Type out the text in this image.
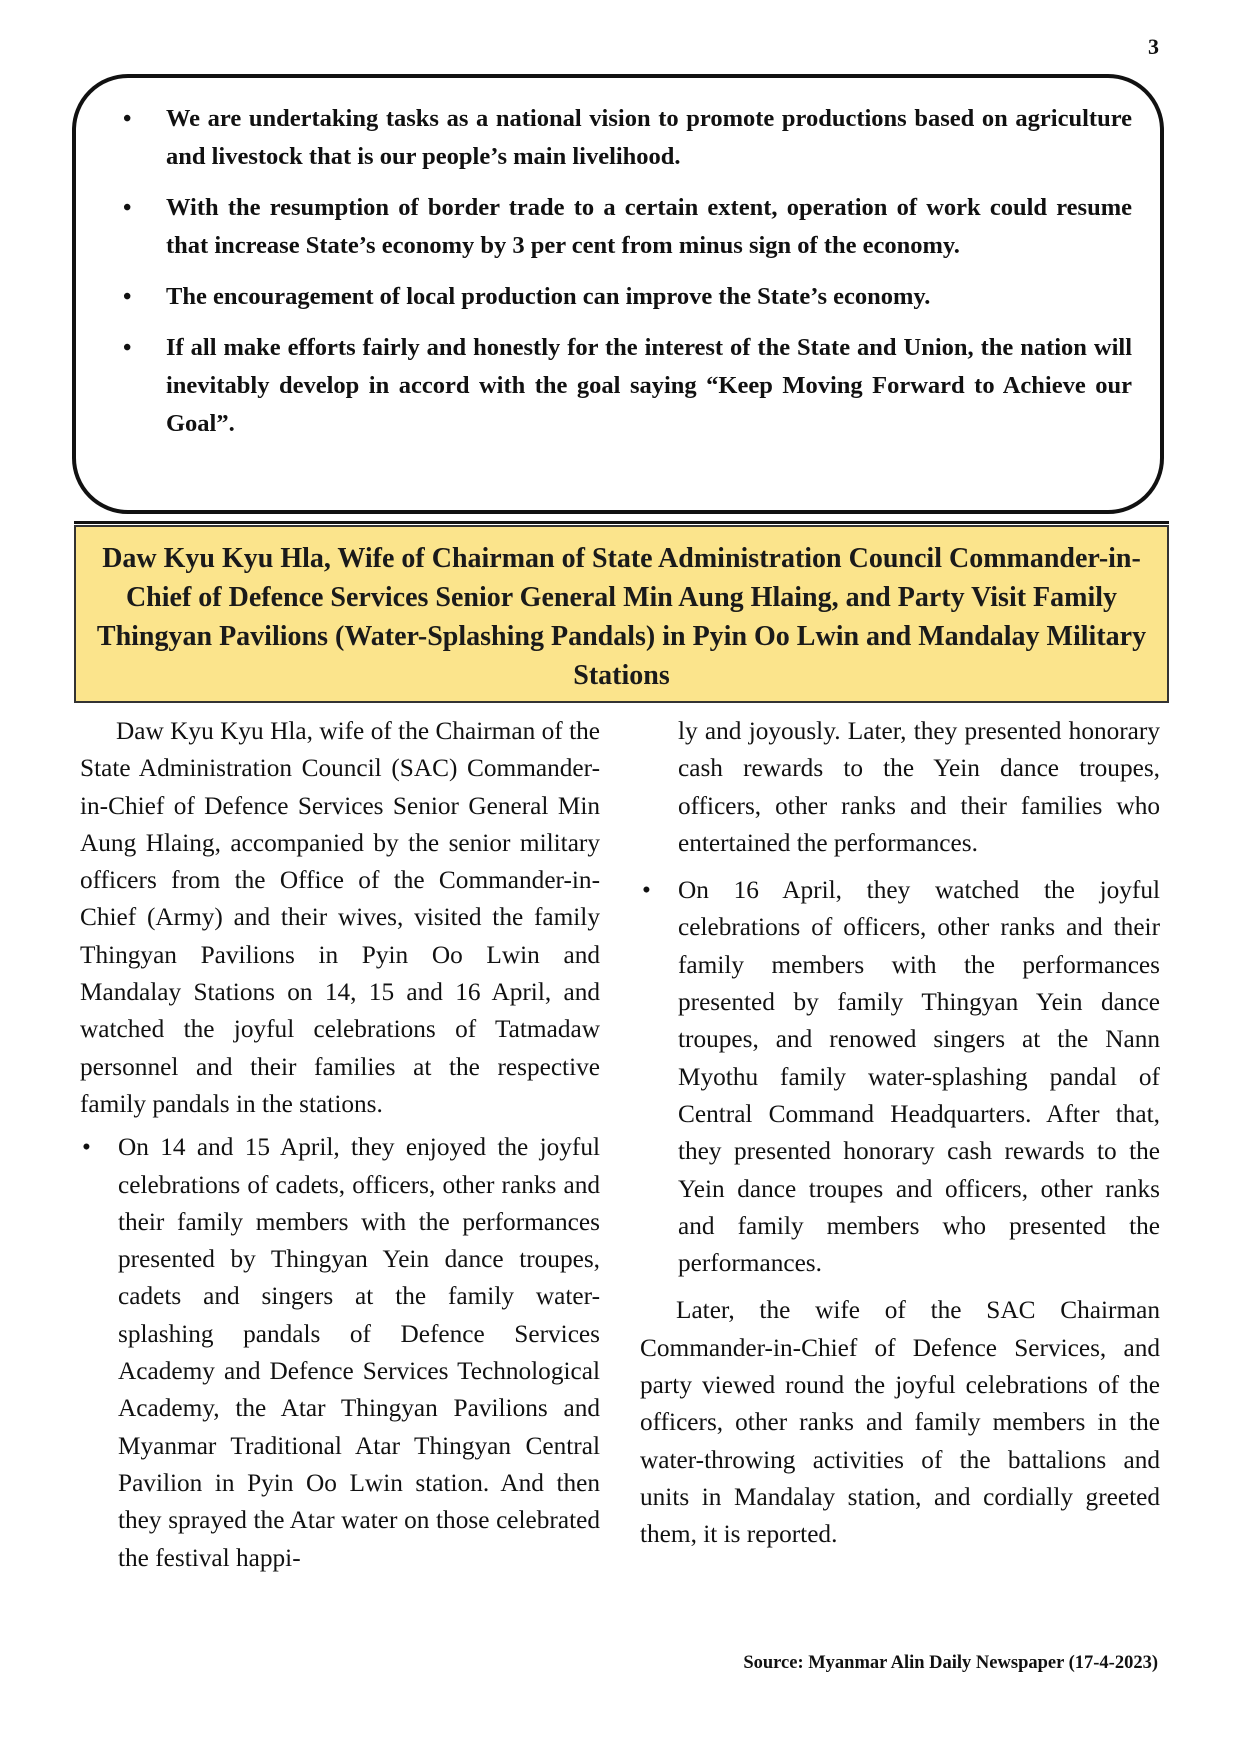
3
• We are undertaking tasks as a national vision to promote productions based on agriculture and livestock that is our people’s main livelihood.
• With the resumption of border trade to a certain extent, operation of work could resume that increase State’s economy by 3 per cent from minus sign of the economy.
• The encouragement of local production can improve the State’s economy.
• If all make efforts fairly and honestly for the interest of the State and Union, the nation will inevitably develop in accord with the goal saying “Keep Moving Forward to Achieve our Goal”.
Daw Kyu Kyu Hla, Wife of Chairman of State Administration Council Commander-in-Chief of Defence Services Senior General Min Aung Hlaing, and Party Visit Family Thingyan Pavilions (Water-Splashing Pandals) in Pyin Oo Lwin and Mandalay Military Stations

Daw Kyu Kyu Hla, wife of the Chairman of the State Administration Council (SAC) Commander-in-Chief of Defence Services Senior General Min Aung Hlaing, accompanied by the senior military officers from the Office of the Commander-in-Chief (Army) and their wives, visited the family Thingyan Pavilions in Pyin Oo Lwin and Mandalay Stations on 14, 15 and 16 April, and watched the joyful celebrations of Tatmadaw personnel and their families at the respective family pandals in the stations.

• On 14 and 15 April, they enjoyed the joyful celebrations of cadets, officers, other ranks and their family members with the performances presented by Thingyan Yein dance troupes, cadets and singers at the family water-splashing pandals of Defence Services Academy and Defence Services Technological Academy, the Atar Thingyan Pavilions and Myanmar Traditional Atar Thingyan Central Pavilion in Pyin Oo Lwin station. And then they sprayed the Atar water on those celebrated the festival happi-

ly and joyously. Later, they presented honorary cash rewards to the Yein dance troupes, officers, other ranks and their families who entertained the performances.

• On 16 April, they watched the joyful celebrations of officers, other ranks and their family members with the performances presented by family Thingyan Yein dance troupes, and renowed singers at the Nann Myothu family water-splashing pandal of Central Command Headquarters. After that, they presented honorary cash rewards to the Yein dance troupes and officers, other ranks and family members who presented the performances.

Later, the wife of the SAC Chairman Commander-in-Chief of Defence Services, and party viewed round the joyful celebrations of the officers, other ranks and family members in the water-throwing activities of the battalions and units in Mandalay station, and cordially greeted them, it is reported.

Source: Myanmar Alin Daily Newspaper (17-4-2023)
